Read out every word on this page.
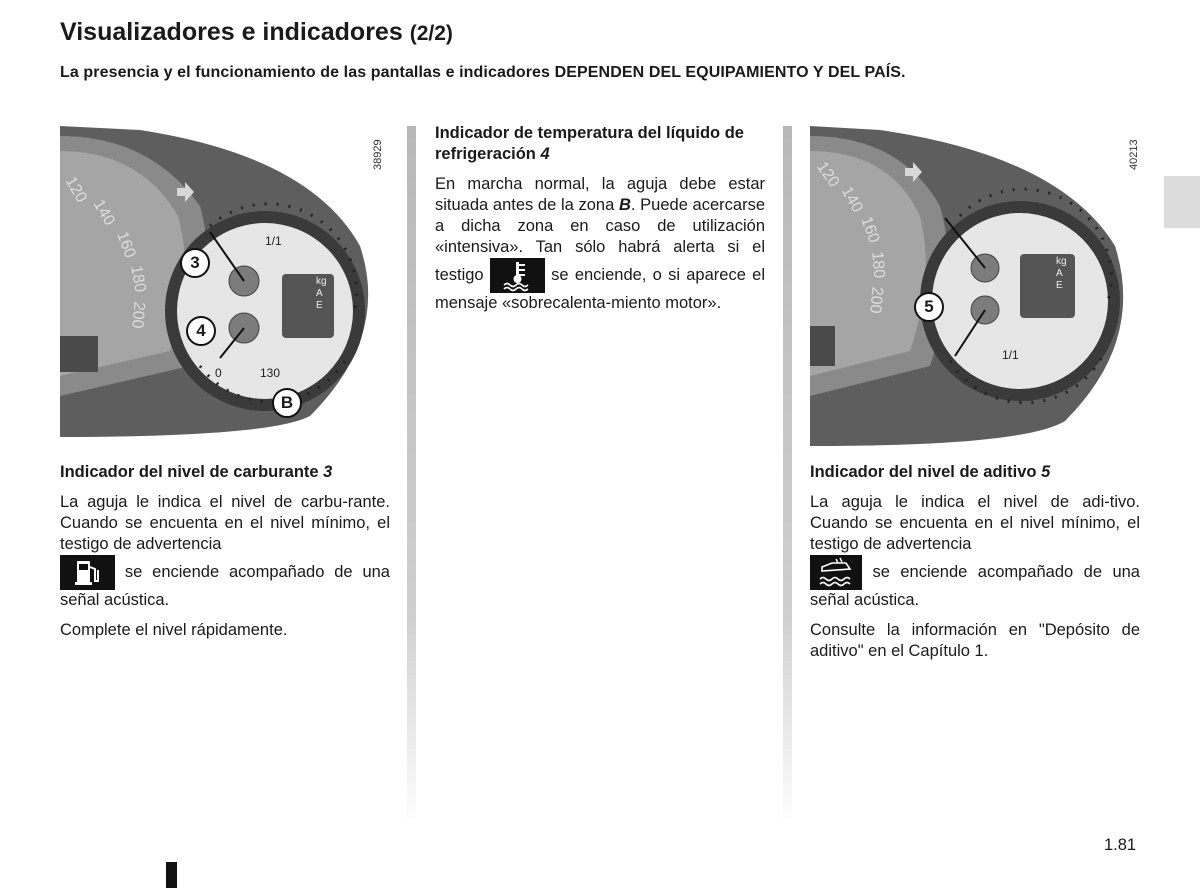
Visualizadores e indicadores (2/2)
La presencia y el funcionamiento de las pantallas e indicadores DEPENDEN DEL EQUIPAMIENTO Y DEL PAÍS.
120
140
160
180
200
1/1
0	130
kg A E
3
4
B
38929
120
140
160
180
200
1/1
kg A E
5
40213

Indicador del nivel de carburante 3

La aguja le indica el nivel de carbu-rante. Cuando se encuenta en el nivel mínimo, el testigo de advertencia
se enciende acompañado de una señal acústica.

Complete el nivel rápidamente.

Indicador de temperatura del líquido de refrigeración 4

En marcha normal, la aguja debe estar situada antes de la zona B. Puede acercarse a dicha zona en caso de utilización «intensiva». Tan sólo habrá alerta si el testigo	se enciende, o si aparece el mensaje «sobrecalenta-miento motor».

Indicador del nivel de aditivo 5

La aguja le indica el nivel de adi-tivo. Cuando se encuenta en el nivel mínimo, el testigo de advertencia
se enciende acompañado de una señal acústica.

Consulte la información en "Depósito de aditivo" en el Capítulo 1.

1.81
